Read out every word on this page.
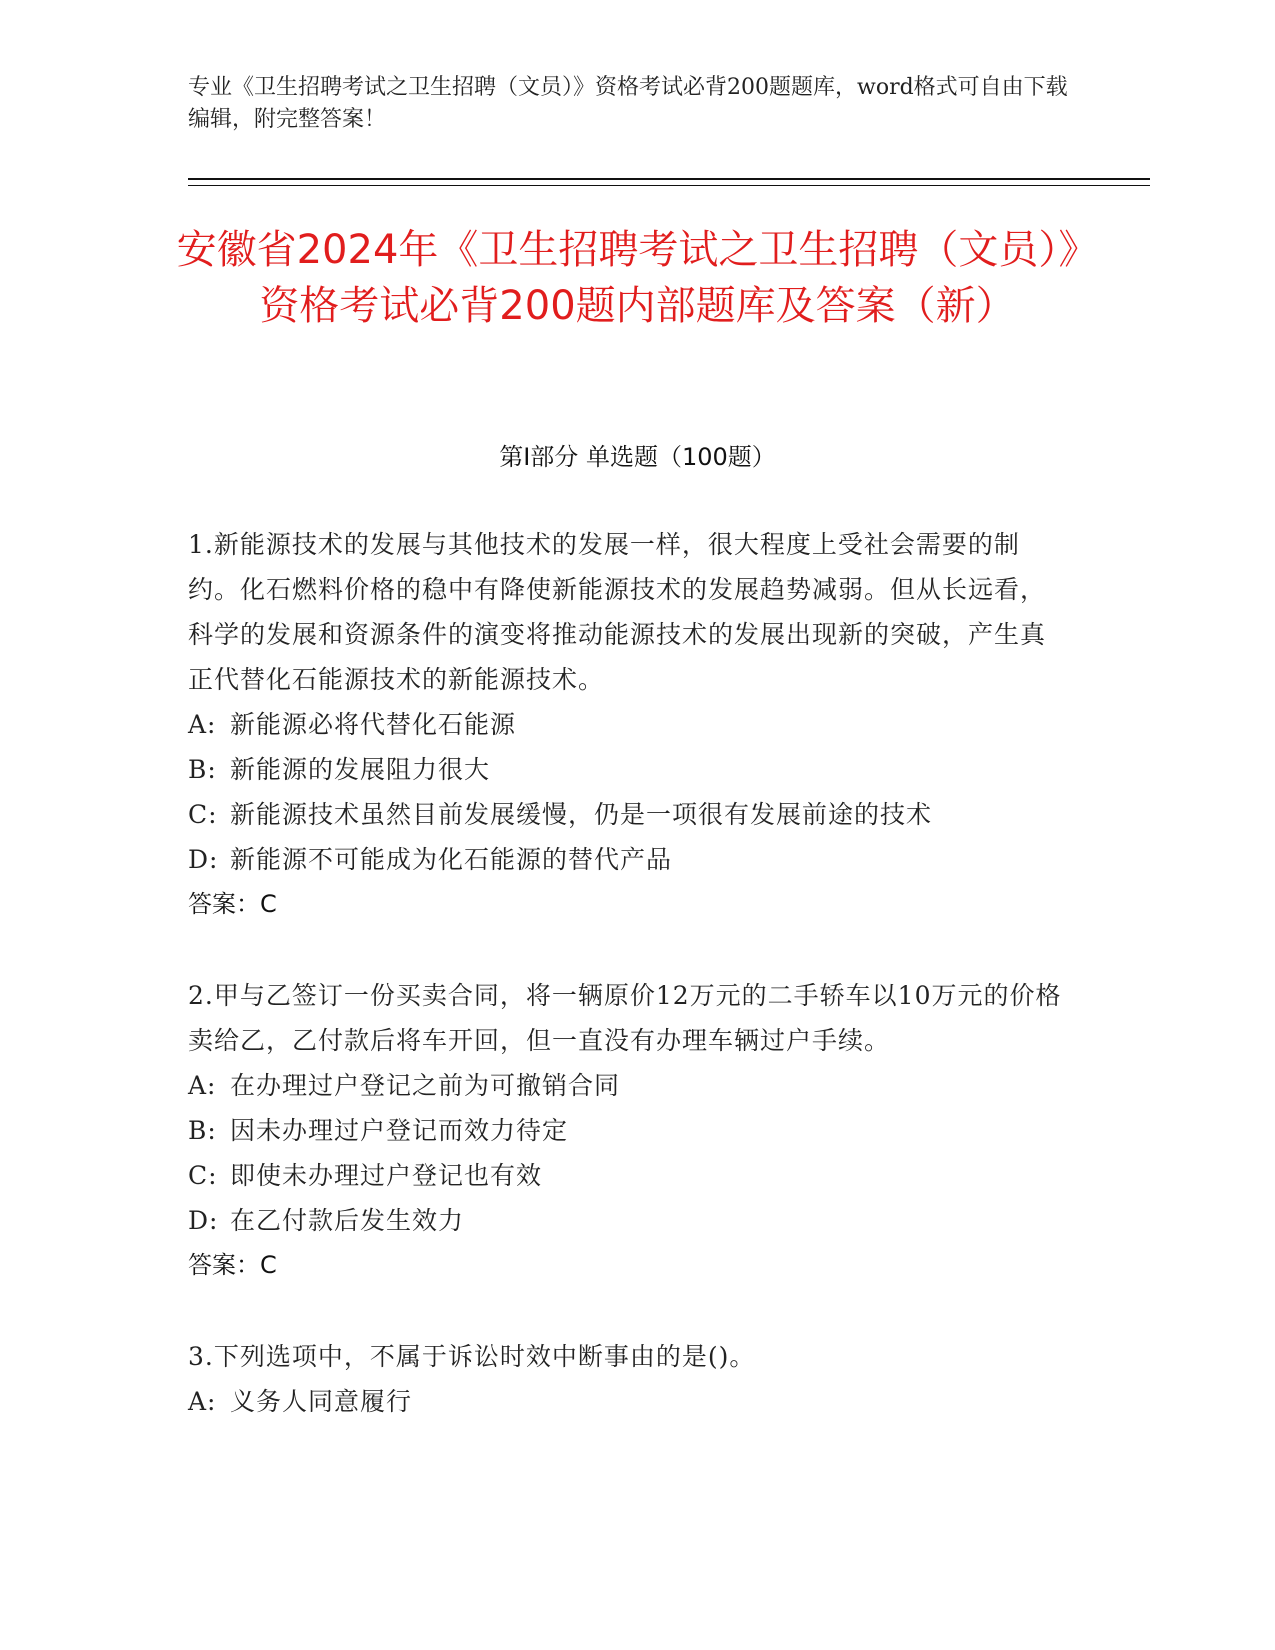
专业《卫生招聘考试之卫生招聘（文员）》资格考试必背200题题库，word格式可自由下载编辑，附完整答案！
安徽省2024年《卫生招聘考试之卫生招聘（文员）》资格考试必背200题内部题库及答案（新）
第I部分 单选题（100题）
1.新能源技术的发展与其他技术的发展一样，很大程度上受社会需要的制约。化石燃料价格的稳中有降使新能源技术的发展趋势减弱。但从长远看，科学的发展和资源条件的演变将推动能源技术的发展出现新的突破，产生真正代替化石能源技术的新能源技术。
A: 新能源必将代替化石能源
B: 新能源的发展阻力很大
C: 新能源技术虽然目前发展缓慢，仍是一项很有发展前途的技术
D: 新能源不可能成为化石能源的替代产品
答案：C
2.甲与乙签订一份买卖合同，将一辆原价12万元的二手轿车以10万元的价格卖给乙，乙付款后将车开回，但一直没有办理车辆过户手续。
A: 在办理过户登记之前为可撤销合同
B: 因未办理过户登记而效力待定
C: 即使未办理过户登记也有效
D: 在乙付款后发生效力
答案：C
3.下列选项中，不属于诉讼时效中断事由的是()。
A: 义务人同意履行
